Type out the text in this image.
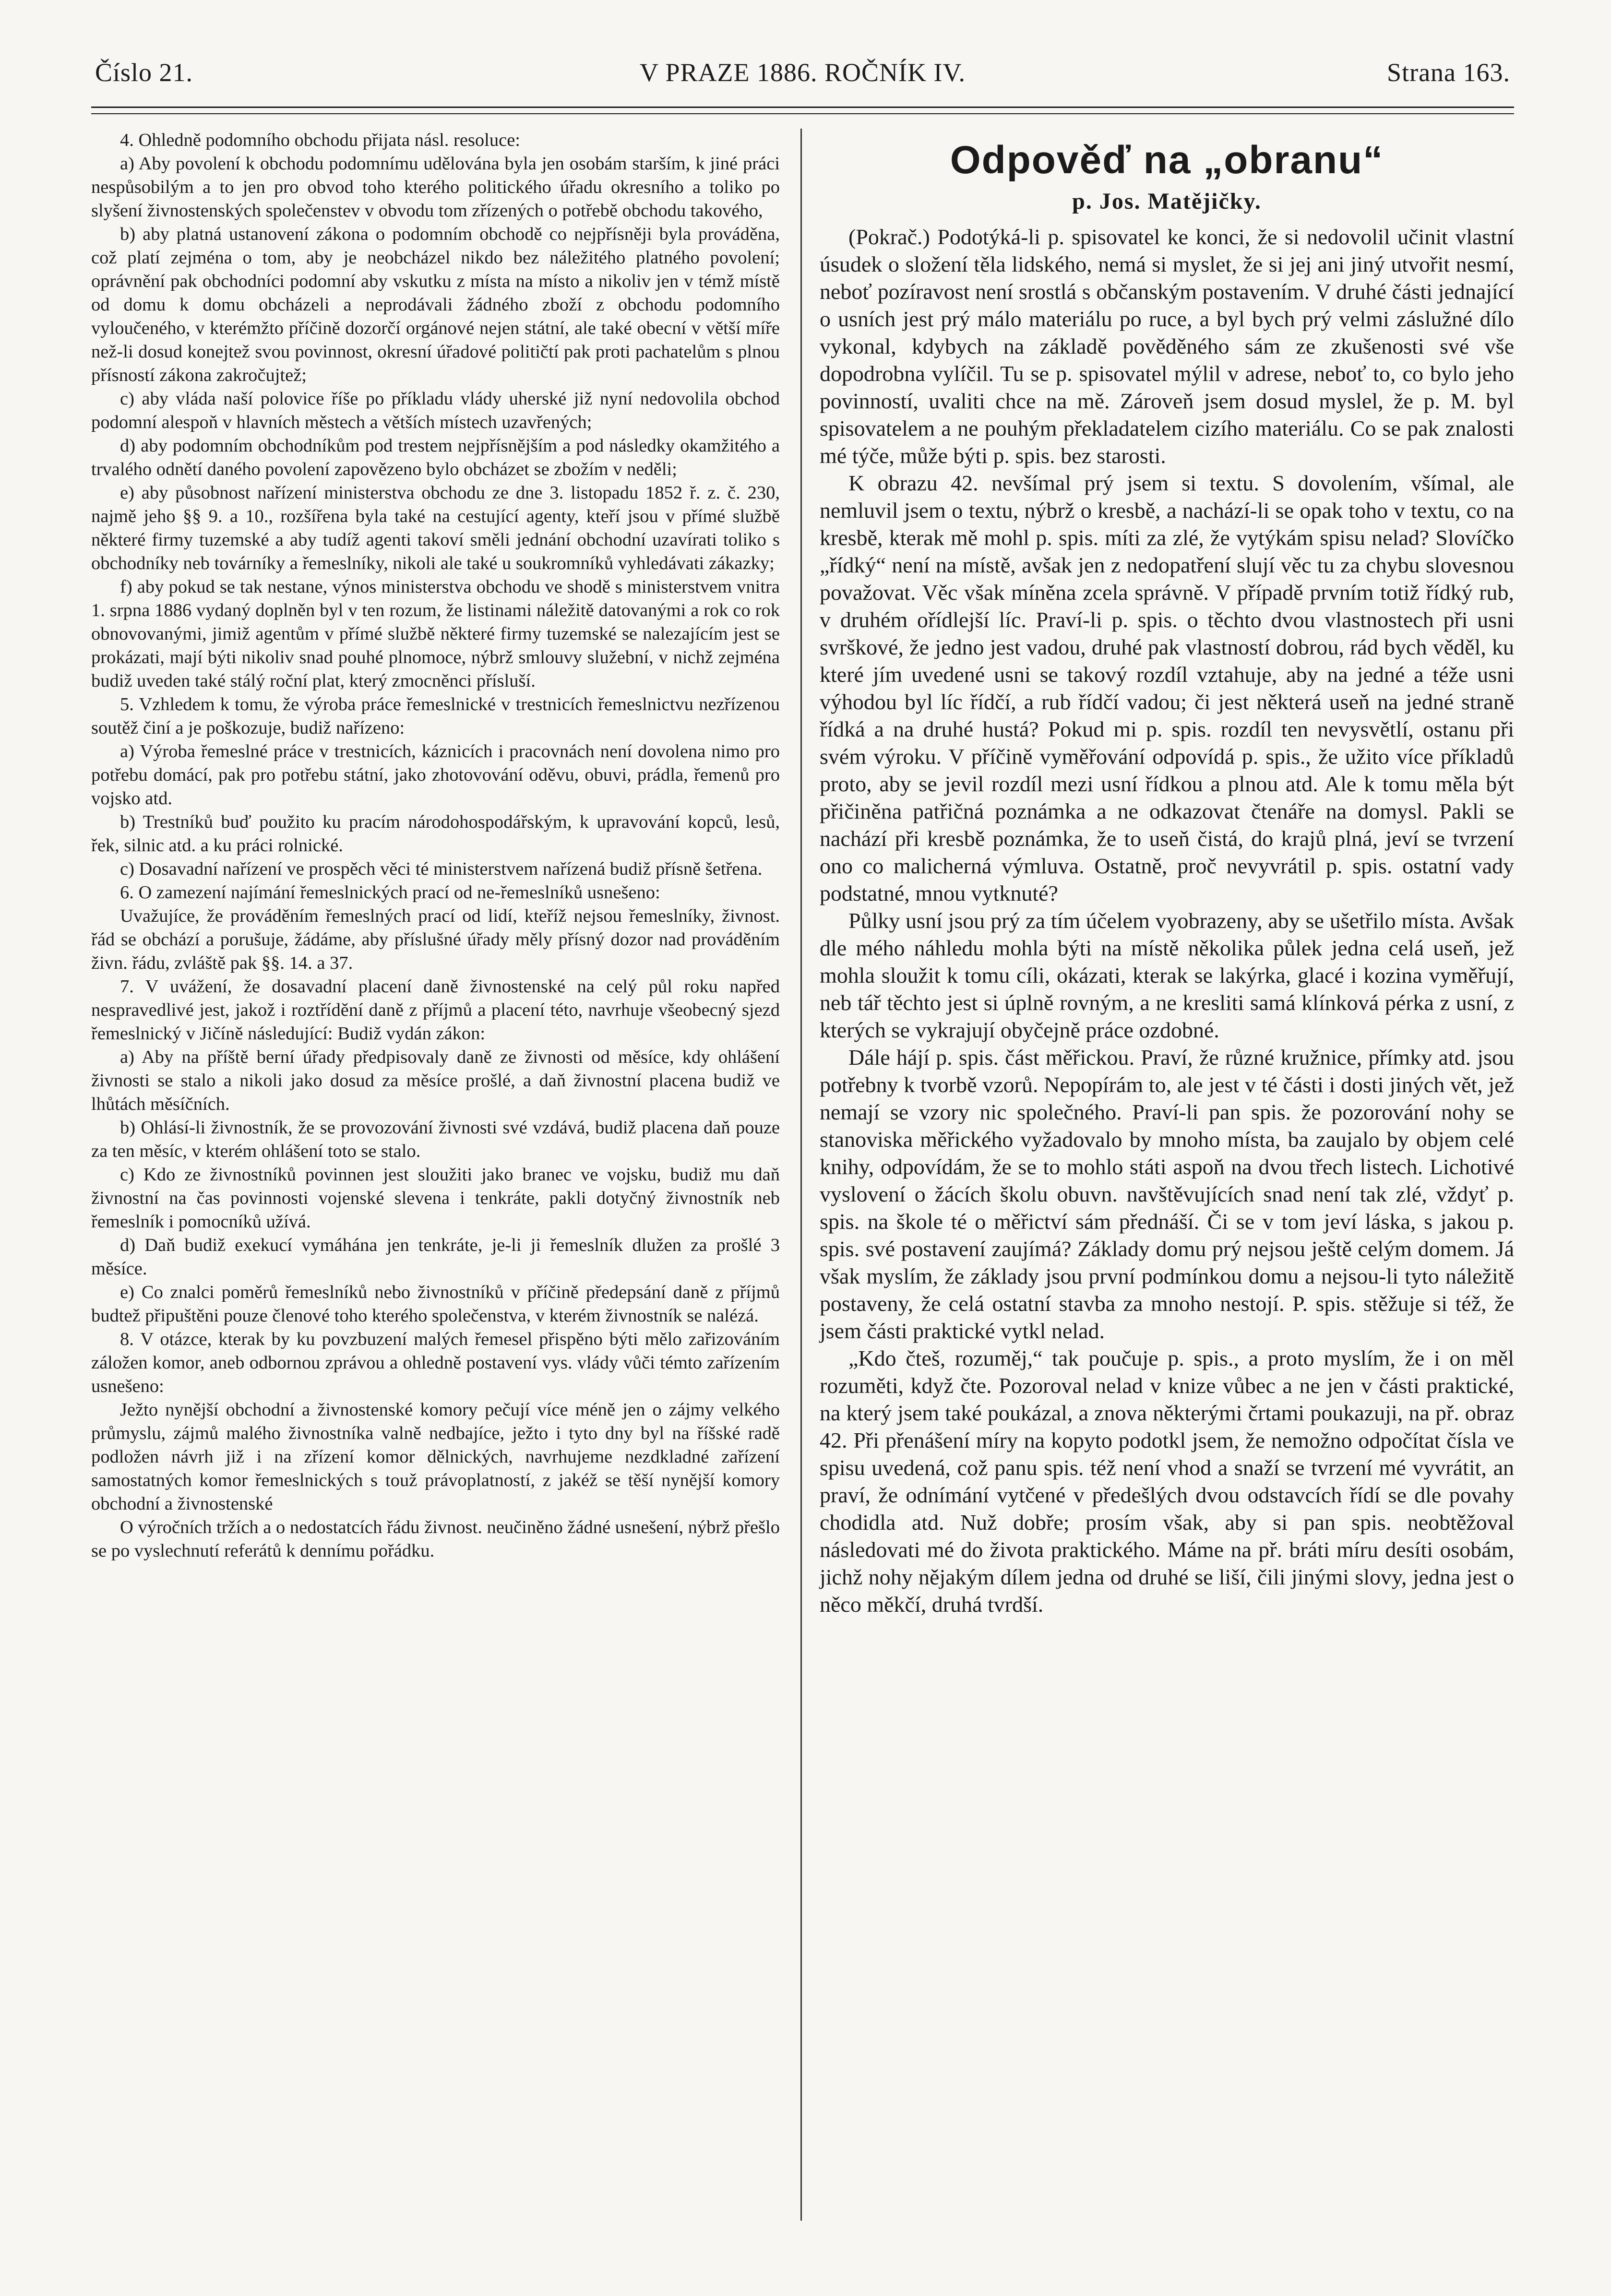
Číslo 21.	V PRAZE 1886. ROČNÍK IV.	Strana 163.

4. Ohledně podomního obchodu přijata násl. resoluce:

a) Aby povolení k obchodu podomnímu udělována byla jen osobám starším, k jiné práci nespůsobilým a to jen pro obvod toho kterého politického úřadu okresního a toliko po slyšení živnostenských společenstev v obvodu tom zřízených o potřebě obchodu takového,

b) aby platná ustanovení zákona o podomním obchodě co nejpřísněji byla prováděna, což platí zejména o tom, aby je neobcházel nikdo bez náležitého platného povolení; oprávnění pak obchodníci podomní aby vskutku z místa na místo a nikoliv jen v témž místě od domu k domu obcházeli a neprodávali žádného zboží z obchodu podomního vyloučeného, v kterémžto příčině dozorčí orgánové nejen státní, ale také obecní v větší míře než-li dosud konejtež svou povinnost, okresní úřadové političtí pak proti pachatelům s plnou přísností zákona zakročujtež;

c) aby vláda naší polovice říše po příkladu vlády uherské již nyní nedovolila obchod podomní alespoň v hlavních městech a větších místech uzavřených;

d) aby podomním obchodníkům pod trestem nejpřísnějším a pod následky okamžitého a trvalého odnětí daného povolení zapovězeno bylo obcházet se zbožím v neděli;

e) aby působnost nařízení ministerstva obchodu ze dne 3. listopadu 1852 ř. z. č. 230, najmě jeho §§ 9. a 10., rozšířena byla také na cestující agenty, kteří jsou v přímé službě některé firmy tuzemské a aby tudíž agenti takoví směli jednání obchodní uzavírati toliko s obchodníky neb továrníky a řemeslníky, nikoli ale také u soukromníků vyhledávati zákazky;

f) aby pokud se tak nestane, výnos ministerstva obchodu ve shodě s ministerstvem vnitra 1. srpna 1886 vydaný doplněn byl v ten rozum, že listinami náležitě datovanými a rok co rok obnovovanými, jimiž agentům v přímé službě některé firmy tuzemské se nalezajícím jest se prokázati, mají býti nikoliv snad pouhé plnomoce, nýbrž smlouvy služební, v nichž zejména budiž uveden také stálý roční plat, který zmocněnci přísluší.

5. Vzhledem k tomu, že výroba práce řemeslnické v trestnicích řemeslnictvu nezřízenou soutěž činí a je poškozuje, budiž nařízeno:

a) Výroba řemeslné práce v trestnicích, káznicích i pracovnách není dovolena nimo pro potřebu domácí, pak pro potřebu státní, jako zhotovování oděvu, obuvi, prádla, řemenů pro vojsko atd.

b) Trestníků buď použito ku pracím národohospodářským, k upravování kopců, lesů, řek, silnic atd. a ku práci rolnické.

c) Dosavadní nařízení ve prospěch věci té ministerstvem nařízená budiž přísně šetřena.

6. O zamezení najímání řemeslnických prací od ne-řemeslníků usnešeno:

Uvažujíce, že prováděním řemeslných prací od lidí, kteříž nejsou řemeslníky, živnost. řád se obchází a porušuje, žádáme, aby příslušné úřady měly přísný dozor nad prováděním živn. řádu, zvláště pak §§. 14. a 37.

7. V uvážení, že dosavadní placení daně živnostenské na celý půl roku napřed nespravedlivé jest, jakož i roztřídění daně z příjmů a placení této, navrhuje všeobecný sjezd řemeslnický v Jičíně následující: Budiž vydán zákon:

a) Aby na příště berní úřady předpisovaly daně ze živnosti od měsíce, kdy ohlášení živnosti se stalo a nikoli jako dosud za měsíce prošlé, a daň živnostní placena budiž ve lhůtách měsíčních.

b) Ohlásí-li živnostník, že se provozování živnosti své vzdává, budiž placena daň pouze za ten měsíc, v kterém ohlášení toto se stalo.

c) Kdo ze živnostníků povinnen jest sloužiti jako branec ve vojsku, budiž mu daň živnostní na čas povinnosti vojenské slevena i tenkráte, pakli dotyčný živnostník neb řemeslník i pomocníků užívá.

d) Daň budiž exekucí vymáhána jen tenkráte, je-li ji řemeslník dlužen za prošlé 3 měsíce.

e) Co znalci poměrů řemeslníků nebo živnostníků v příčině předepsání daně z příjmů budtež připuštěni pouze členové toho kterého společenstva, v kterém živnostník se nalézá.

8. V otázce, kterak by ku povzbuzení malých řemesel přispěno býti mělo zařizováním záložen komor, aneb odbornou zprávou a ohledně postavení vys. vlády vůči témto zařízením usnešeno:

Ježto nynější obchodní a živnostenské komory pečují více méně jen o zájmy velkého průmyslu, zájmů malého živnostníka valně nedbajíce, ježto i tyto dny byl na říšské radě podložen návrh již i na zřízení komor dělnických, navrhujeme nezdkladné zařízení samostatných komor řemeslnických s touž právoplatností, z jakéž se těší nynější komory obchodní a živnostenské

O výročních tržích a o nedostatcích řádu živnost. neučiněno žádné usnešení, nýbrž přešlo se po vyslechnutí referátů k dennímu pořádku.

Odpověď na „obranu“
p. Jos. Matějičky.

(Pokrač.) Podotýká-li p. spisovatel ke konci, že si nedovolil učinit vlastní úsudek o složení těla lidského, nemá si myslet, že si jej ani jiný utvořit nesmí, neboť pozíravost není srostlá s občanským postavením. V druhé části jednající o usních jest prý málo materiálu po ruce, a byl bych prý velmi záslužné dílo vykonal, kdybych na základě pověděného sám ze zkušenosti své vše dopodrobna vylíčil. Tu se p. spisovatel mýlil v adrese, neboť to, co bylo jeho povinností, uvaliti chce na mě. Zároveň jsem dosud myslel, že p. M. byl spisovatelem a ne pouhým překladatelem cizího materiálu. Co se pak znalosti mé týče, může býti p. spis. bez starosti.

K obrazu 42. nevšímal prý jsem si textu. S dovolením, všímal, ale nemluvil jsem o textu, nýbrž o kresbě, a nachází-li se opak toho v textu, co na kresbě, kterak mě mohl p. spis. míti za zlé, že vytýkám spisu nelad? Slovíčko „řídký“ není na místě, avšak jen z nedopatření slují věc tu za chybu slovesnou považovat. Věc však míněna zcela správně. V případě prvním totiž řídký rub, v druhém ořídlejší líc. Praví-li p. spis. o těchto dvou vlastnostech při usni svrškové, že jedno jest vadou, druhé pak vlastností dobrou, rád bych věděl, ku které jím uvedené usni se takový rozdíl vztahuje, aby na jedné a téže usni výhodou byl líc řídčí, a rub řídčí vadou; či jest některá useň na jedné straně řídká a na druhé hustá? Pokud mi p. spis. rozdíl ten nevysvětlí, ostanu při svém výroku. V příčině vyměřování odpovídá p. spis., že užito více příkladů proto, aby se jevil rozdíl mezi usní řídkou a plnou atd. Ale k tomu měla být přičiněna patřičná poznámka a ne odkazovat čtenáře na domysl. Pakli se nachází při kresbě poznámka, že to useň čistá, do krajů plná, jeví se tvrzení ono co malicherná výmluva. Ostatně, proč nevyvrátil p. spis. ostatní vady podstatné, mnou vytknuté?

Půlky usní jsou prý za tím účelem vyobrazeny, aby se ušetřilo místa. Avšak dle mého náhledu mohla býti na místě několika půlek jedna celá useň, jež mohla sloužit k tomu cíli, okázati, kterak se lakýrka, glacé i kozina vyměřují, neb tář těchto jest si úplně rovným, a ne kresliti samá klínková pérka z usní, z kterých se vykrajují obyčejně práce ozdobné.

Dále hájí p. spis. část měřickou. Praví, že různé kružnice, přímky atd. jsou potřebny k tvorbě vzorů. Nepopírám to, ale jest v té části i dosti jiných vět, jež nemají se vzory nic společného. Praví-li pan spis. že pozorování nohy se stanoviska měřického vyžadovalo by mnoho místa, ba zaujalo by objem celé knihy, odpovídám, že se to mohlo státi aspoň na dvou třech listech. Lichotivé vyslovení o žácích školu obuvn. navštěvujících snad není tak zlé, vždyť p. spis. na škole té o měřictví sám přednáší. Či se v tom jeví láska, s jakou p. spis. své postavení zaujímá? Základy domu prý nejsou ještě celým domem. Já však myslím, že základy jsou první podmínkou domu a nejsou-li tyto náležitě postaveny, že celá ostatní stavba za mnoho nestojí. P. spis. stěžuje si též, že jsem části praktické vytkl nelad.

„Kdo čteš, rozuměj,“ tak poučuje p. spis., a proto myslím, že i on měl rozuměti, když čte. Pozoroval nelad v knize vůbec a ne jen v části praktické, na který jsem také poukázal, a znova některými črtami poukazuji, na př. obraz 42. Při přenášení míry na kopyto podotkl jsem, že nemožno odpočítat čísla ve spisu uvedená, což panu spis. též není vhod a snaží se tvrzení mé vyvrátit, an praví, že odnímání vytčené v předešlých dvou odstavcích řídí se dle povahy chodidla atd. Nuž dobře; prosím však, aby si pan spis. neobtěžoval následovati mé do života praktického. Máme na př. bráti míru desíti osobám, jichž nohy nějakým dílem jedna od druhé se liší, čili jinými slovy, jedna jest o něco měkčí, druhá tvrdší.
